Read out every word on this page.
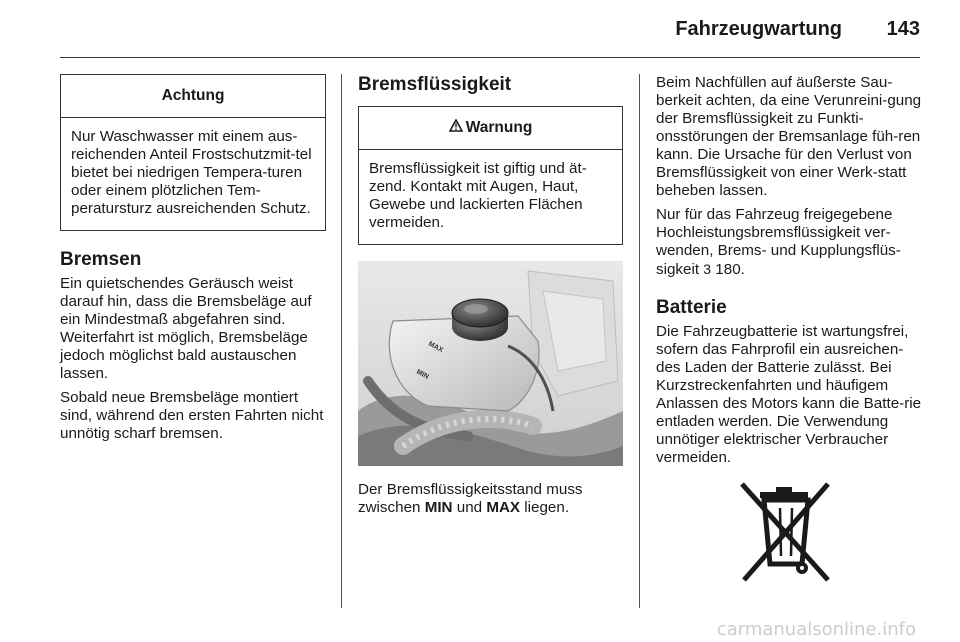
Fahrzeugwartung 143
Achtung
Nur Waschwasser mit einem aus-reichenden Anteil Frostschutzmit-tel bietet bei niedrigen Tempera-turen oder einem plötzlichen Tem-peratursturz ausreichenden Schutz.
Bremsen

Ein quietschendes Geräusch weist darauf hin, dass die Bremsbeläge auf ein Mindestmaß abgefahren sind. Weiterfahrt ist möglich, Bremsbeläge jedoch möglichst bald austauschen lassen.

Sobald neue Bremsbeläge montiert sind, während den ersten Fahrten nicht unnötig scharf bremsen.

Bremsflüssigkeit
Warnung
Bremsflüssigkeit ist giftig und ät-zend. Kontakt mit Augen, Haut, Gewebe und lackierten Flächen vermeiden.
MAX
MIN

Der Bremsflüssigkeitsstand muss zwischen MIN und MAX liegen.

Beim Nachfüllen auf äußerste Sau-berkeit achten, da eine Verunreini-gung der Bremsflüssigkeit zu Funkti-onsstörungen der Bremsanlage füh-ren kann. Die Ursache für den Verlust von Bremsflüssigkeit von einer Werk-statt beheben lassen.

Nur für das Fahrzeug freigegebene Hochleistungsbremsflüssigkeit ver-wenden, Brems- und Kupplungsflüs-sigkeit 3 180.

Batterie

Die Fahrzeugbatterie ist wartungsfrei, sofern das Fahrprofil ein ausreichen-des Laden der Batterie zulässt. Bei Kurzstreckenfahrten und häufigem Anlassen des Motors kann die Batte-rie entladen werden. Die Verwendung unnötiger elektrischer Verbraucher vermeiden.

carmanualsonline.info
